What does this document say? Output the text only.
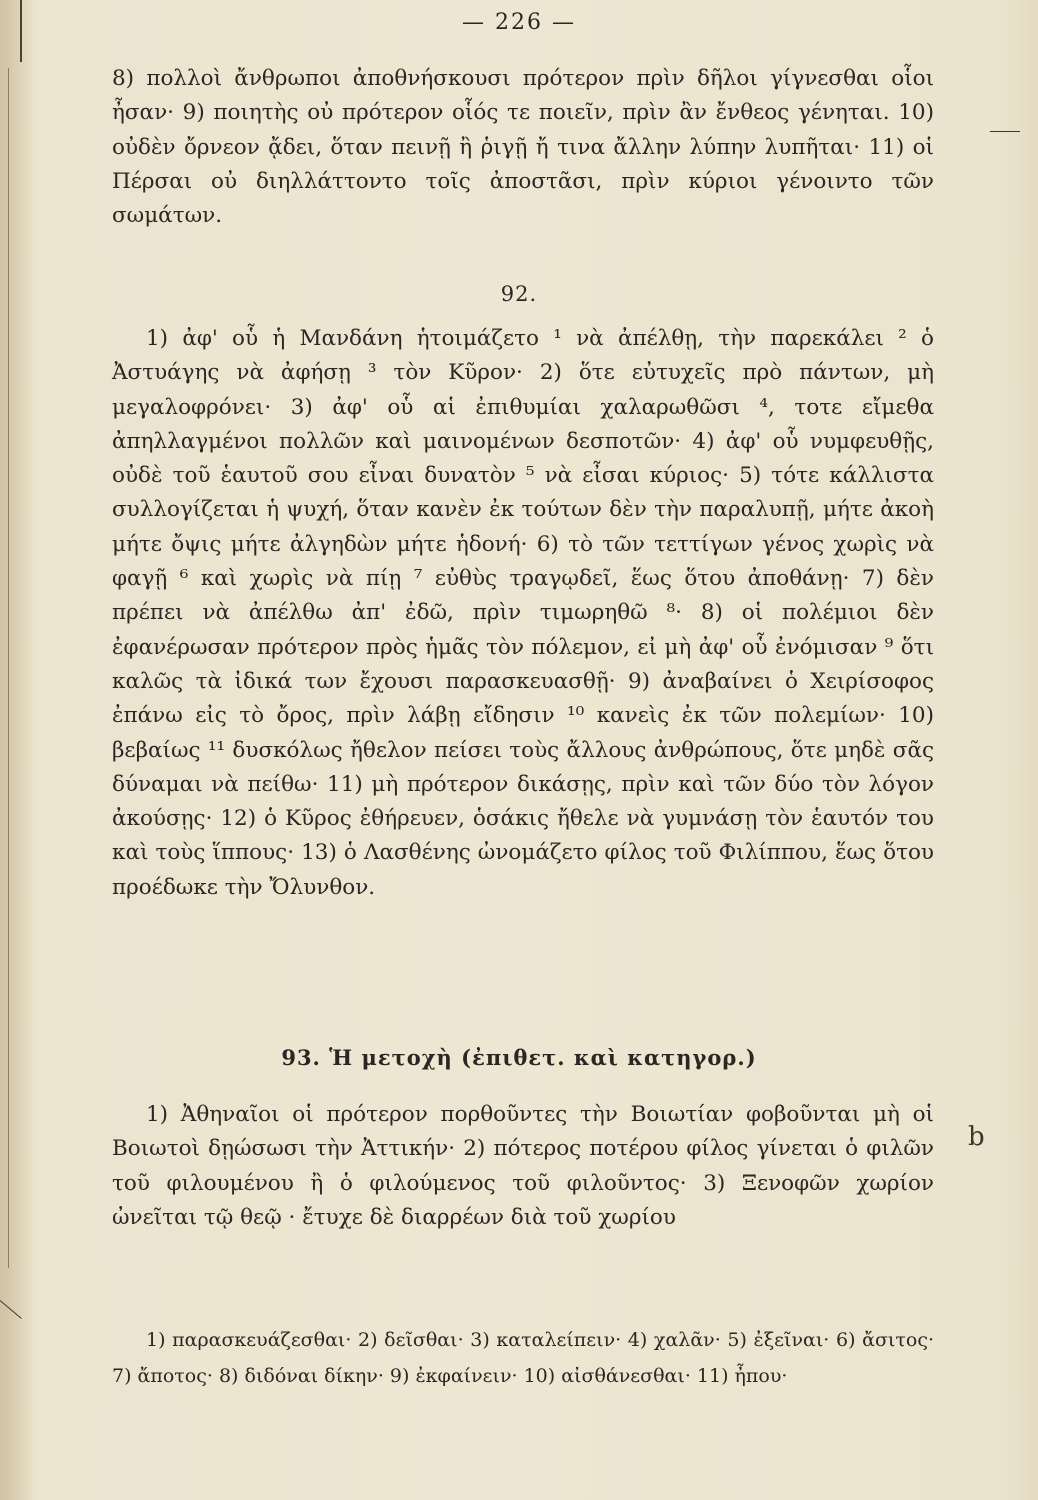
— 226 —

8) πολλοὶ ἄνθρωποι ἀποθνήσκουσι πρότερον πρὶν δῆλοι γίγνεσθαι οἷοι ἦσαν· 9) ποιητὴς οὐ πρότερον οἷός τε ποιεῖν, πρὶν ἂν ἔνθεος γένηται. 10) οὐδὲν ὄρνεον ᾄδει, ὅταν πεινῇ ἢ ῥιγῇ ἤ τινα ἄλλην λύπην λυπῆται· 11) οἱ Πέρσαι οὐ διηλλάττοντο τοῖς ἀποστᾶσι, πρὶν κύριοι γένοιντο τῶν σωμάτων.

92.

1) ἀφ' οὗ ἡ Μανδάνη ἡτοιμάζετο ¹ νὰ ἀπέλθῃ, τὴν παρεκάλει ² ὁ Ἀστυάγης νὰ ἀφήσῃ ³ τὸν Κῦρον· 2) ὅτε εὐτυχεῖς πρὸ πάντων, μὴ μεγαλοφρόνει· 3) ἀφ' οὗ αἱ ἐπιθυμίαι χαλαρωθῶσι ⁴, τοτε εἴμεθα ἀπηλλαγμένοι πολλῶν καὶ μαινομένων δεσποτῶν· 4) ἀφ' οὗ νυμφευθῇς, οὐδὲ τοῦ ἑαυτοῦ σου εἶναι δυνατὸν ⁵ νὰ εἶσαι κύριος· 5) τότε κάλλιστα συλλογίζεται ἡ ψυχή, ὅταν κανὲν ἐκ τούτων δὲν τὴν παραλυπῇ, μήτε ἀκοὴ μήτε ὄψις μήτε ἀλγηδὼν μήτε ἡδονή· 6) τὸ τῶν τεττίγων γένος χωρὶς νὰ φαγῇ ⁶ καὶ χωρὶς νὰ πίῃ ⁷ εὐθὺς τραγῳδεῖ, ἕως ὅτου ἀποθάνῃ· 7) δὲν πρέπει νὰ ἀπέλθω ἀπ' ἐδῶ, πρὶν τιμωρηθῶ ⁸· 8) οἱ πολέμιοι δὲν ἐφανέρωσαν πρότερον πρὸς ἡμᾶς τὸν πόλεμον, εἰ μὴ ἀφ' οὗ ἐνόμισαν ⁹ ὅτι καλῶς τὰ ἰδικά των ἔχουσι παρασκευασθῇ· 9) ἀναβαίνει ὁ Χειρίσοφος ἐπάνω εἰς τὸ ὄρος, πρὶν λάβῃ εἴδησιν ¹⁰ κανεὶς ἐκ τῶν πολεμίων· 10) βεβαίως ¹¹ δυσκόλως ἤθελον πείσει τοὺς ἄλλους ἀνθρώπους, ὅτε μηδὲ σᾶς δύναμαι νὰ πείθω· 11) μὴ πρότερον δικάσῃς, πρὶν καὶ τῶν δύο τὸν λόγον ἀκούσῃς· 12) ὁ Κῦρος ἐθήρευεν, ὁσάκις ἤθελε νὰ γυμνάσῃ τὸν ἑαυτόν του καὶ τοὺς ἵππους· 13) ὁ Λασθένης ὠνομάζετο φίλος τοῦ Φιλίππου, ἕως ὅτου προέδωκε τὴν Ὄλυνθον.

93. Ἡ μετοχὴ (ἐπιθετ. καὶ κατηγορ.)

1) Ἀθηναῖοι οἱ πρότερον πορθοῦντες τὴν Βοιωτίαν φοβοῦνται μὴ οἱ Βοιωτοὶ δῃώσωσι τὴν Ἀττικήν· 2) πότερος ποτέρου φίλος γίνεται ὁ φιλῶν τοῦ φιλουμένου ἢ ὁ φιλούμενος τοῦ φιλοῦντος· 3) Ξενοφῶν χωρίον ὠνεῖται τῷ θεῷ · ἔτυχε δὲ διαρρέων διὰ τοῦ χωρίου

1) παρασκευάζεσθαι· 2) δεῖσθαι· 3) καταλείπειν· 4) χαλᾶν· 5) ἐξεῖναι· 6) ἄσιτος· 7) ἄποτος· 8) διδόναι δίκην· 9) ἐκφαίνειν· 10) αἰσθάνεσθαι· 11) ἦπου·

b
